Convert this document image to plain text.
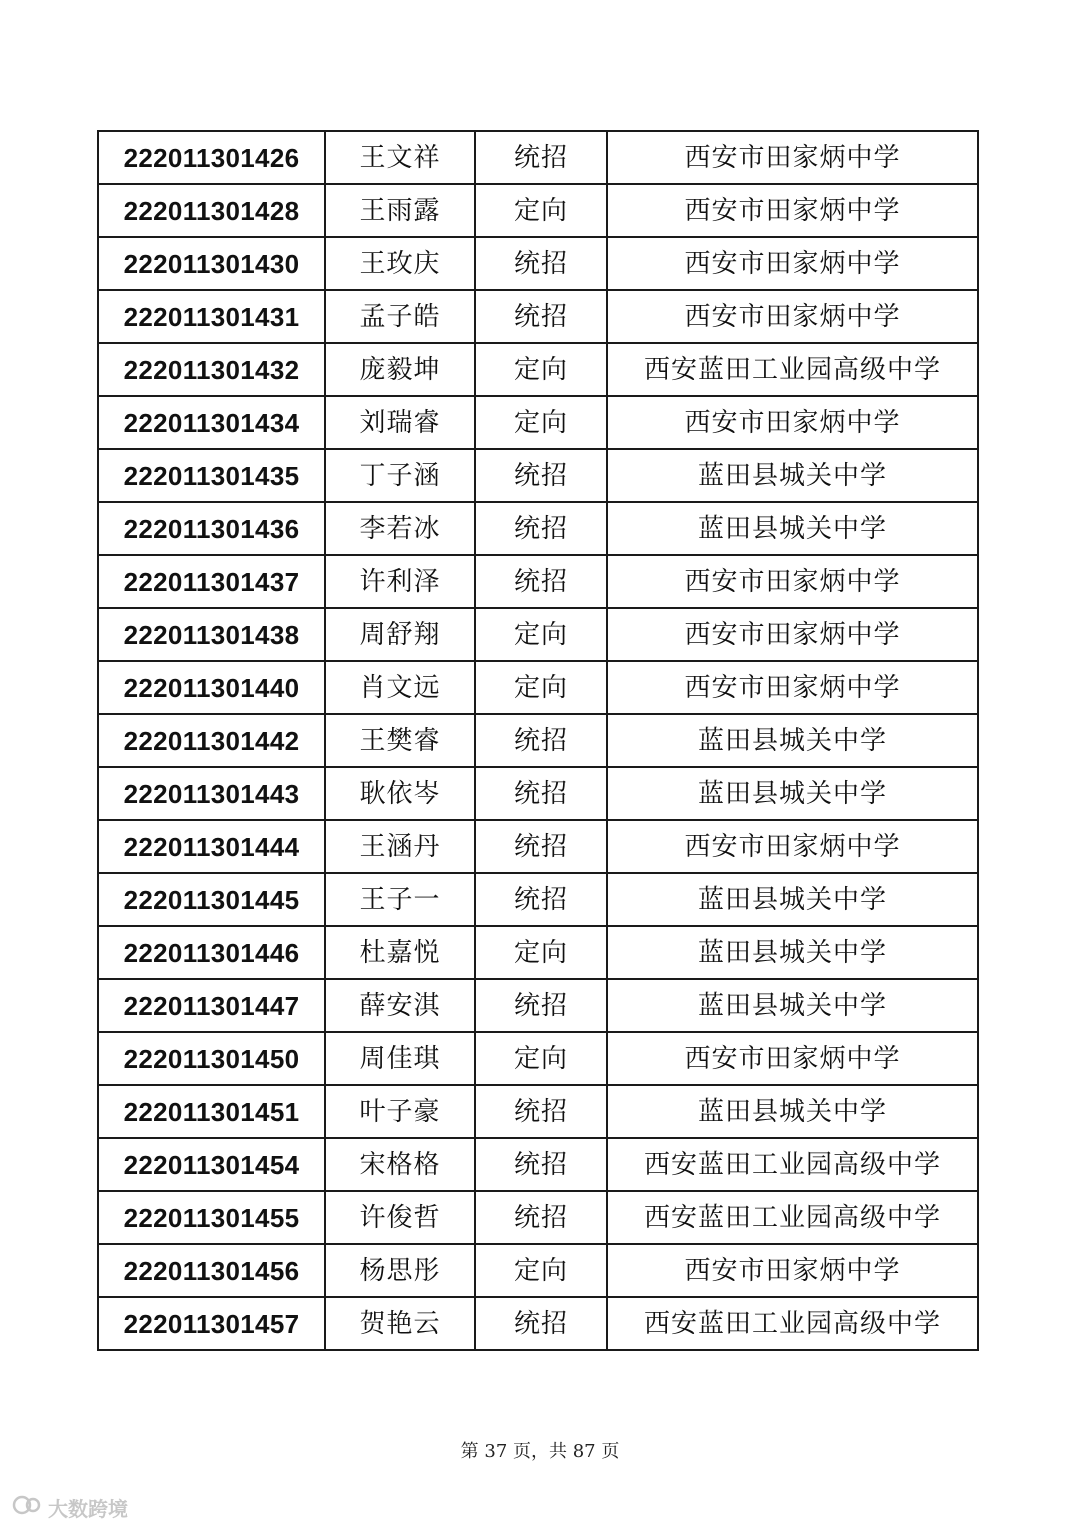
222011301426	王文祥	统招	西安市田家炳中学
222011301428	王雨露	定向	西安市田家炳中学
222011301430	王玫庆	统招	西安市田家炳中学
222011301431	孟子皓	统招	西安市田家炳中学
222011301432	庞毅坤	定向	西安蓝田工业园高级中学
222011301434	刘瑞睿	定向	西安市田家炳中学
222011301435	丁子涵	统招	蓝田县城关中学
222011301436	李若冰	统招	蓝田县城关中学
222011301437	许利泽	统招	西安市田家炳中学
222011301438	周舒翔	定向	西安市田家炳中学
222011301440	肖文远	定向	西安市田家炳中学
222011301442	王樊睿	统招	蓝田县城关中学
222011301443	耿依岑	统招	蓝田县城关中学
222011301444	王涵丹	统招	西安市田家炳中学
222011301445	王子一	统招	蓝田县城关中学
222011301446	杜嘉悦	定向	蓝田县城关中学
222011301447	薛安淇	统招	蓝田县城关中学
222011301450	周佳琪	定向	西安市田家炳中学
222011301451	叶子豪	统招	蓝田县城关中学
222011301454	宋格格	统招	西安蓝田工业园高级中学
222011301455	许俊哲	统招	西安蓝田工业园高级中学
222011301456	杨思彤	定向	西安市田家炳中学
222011301457	贺艳云	统招	西安蓝田工业园高级中学
第 37 页，共 87 页
大数跨境
